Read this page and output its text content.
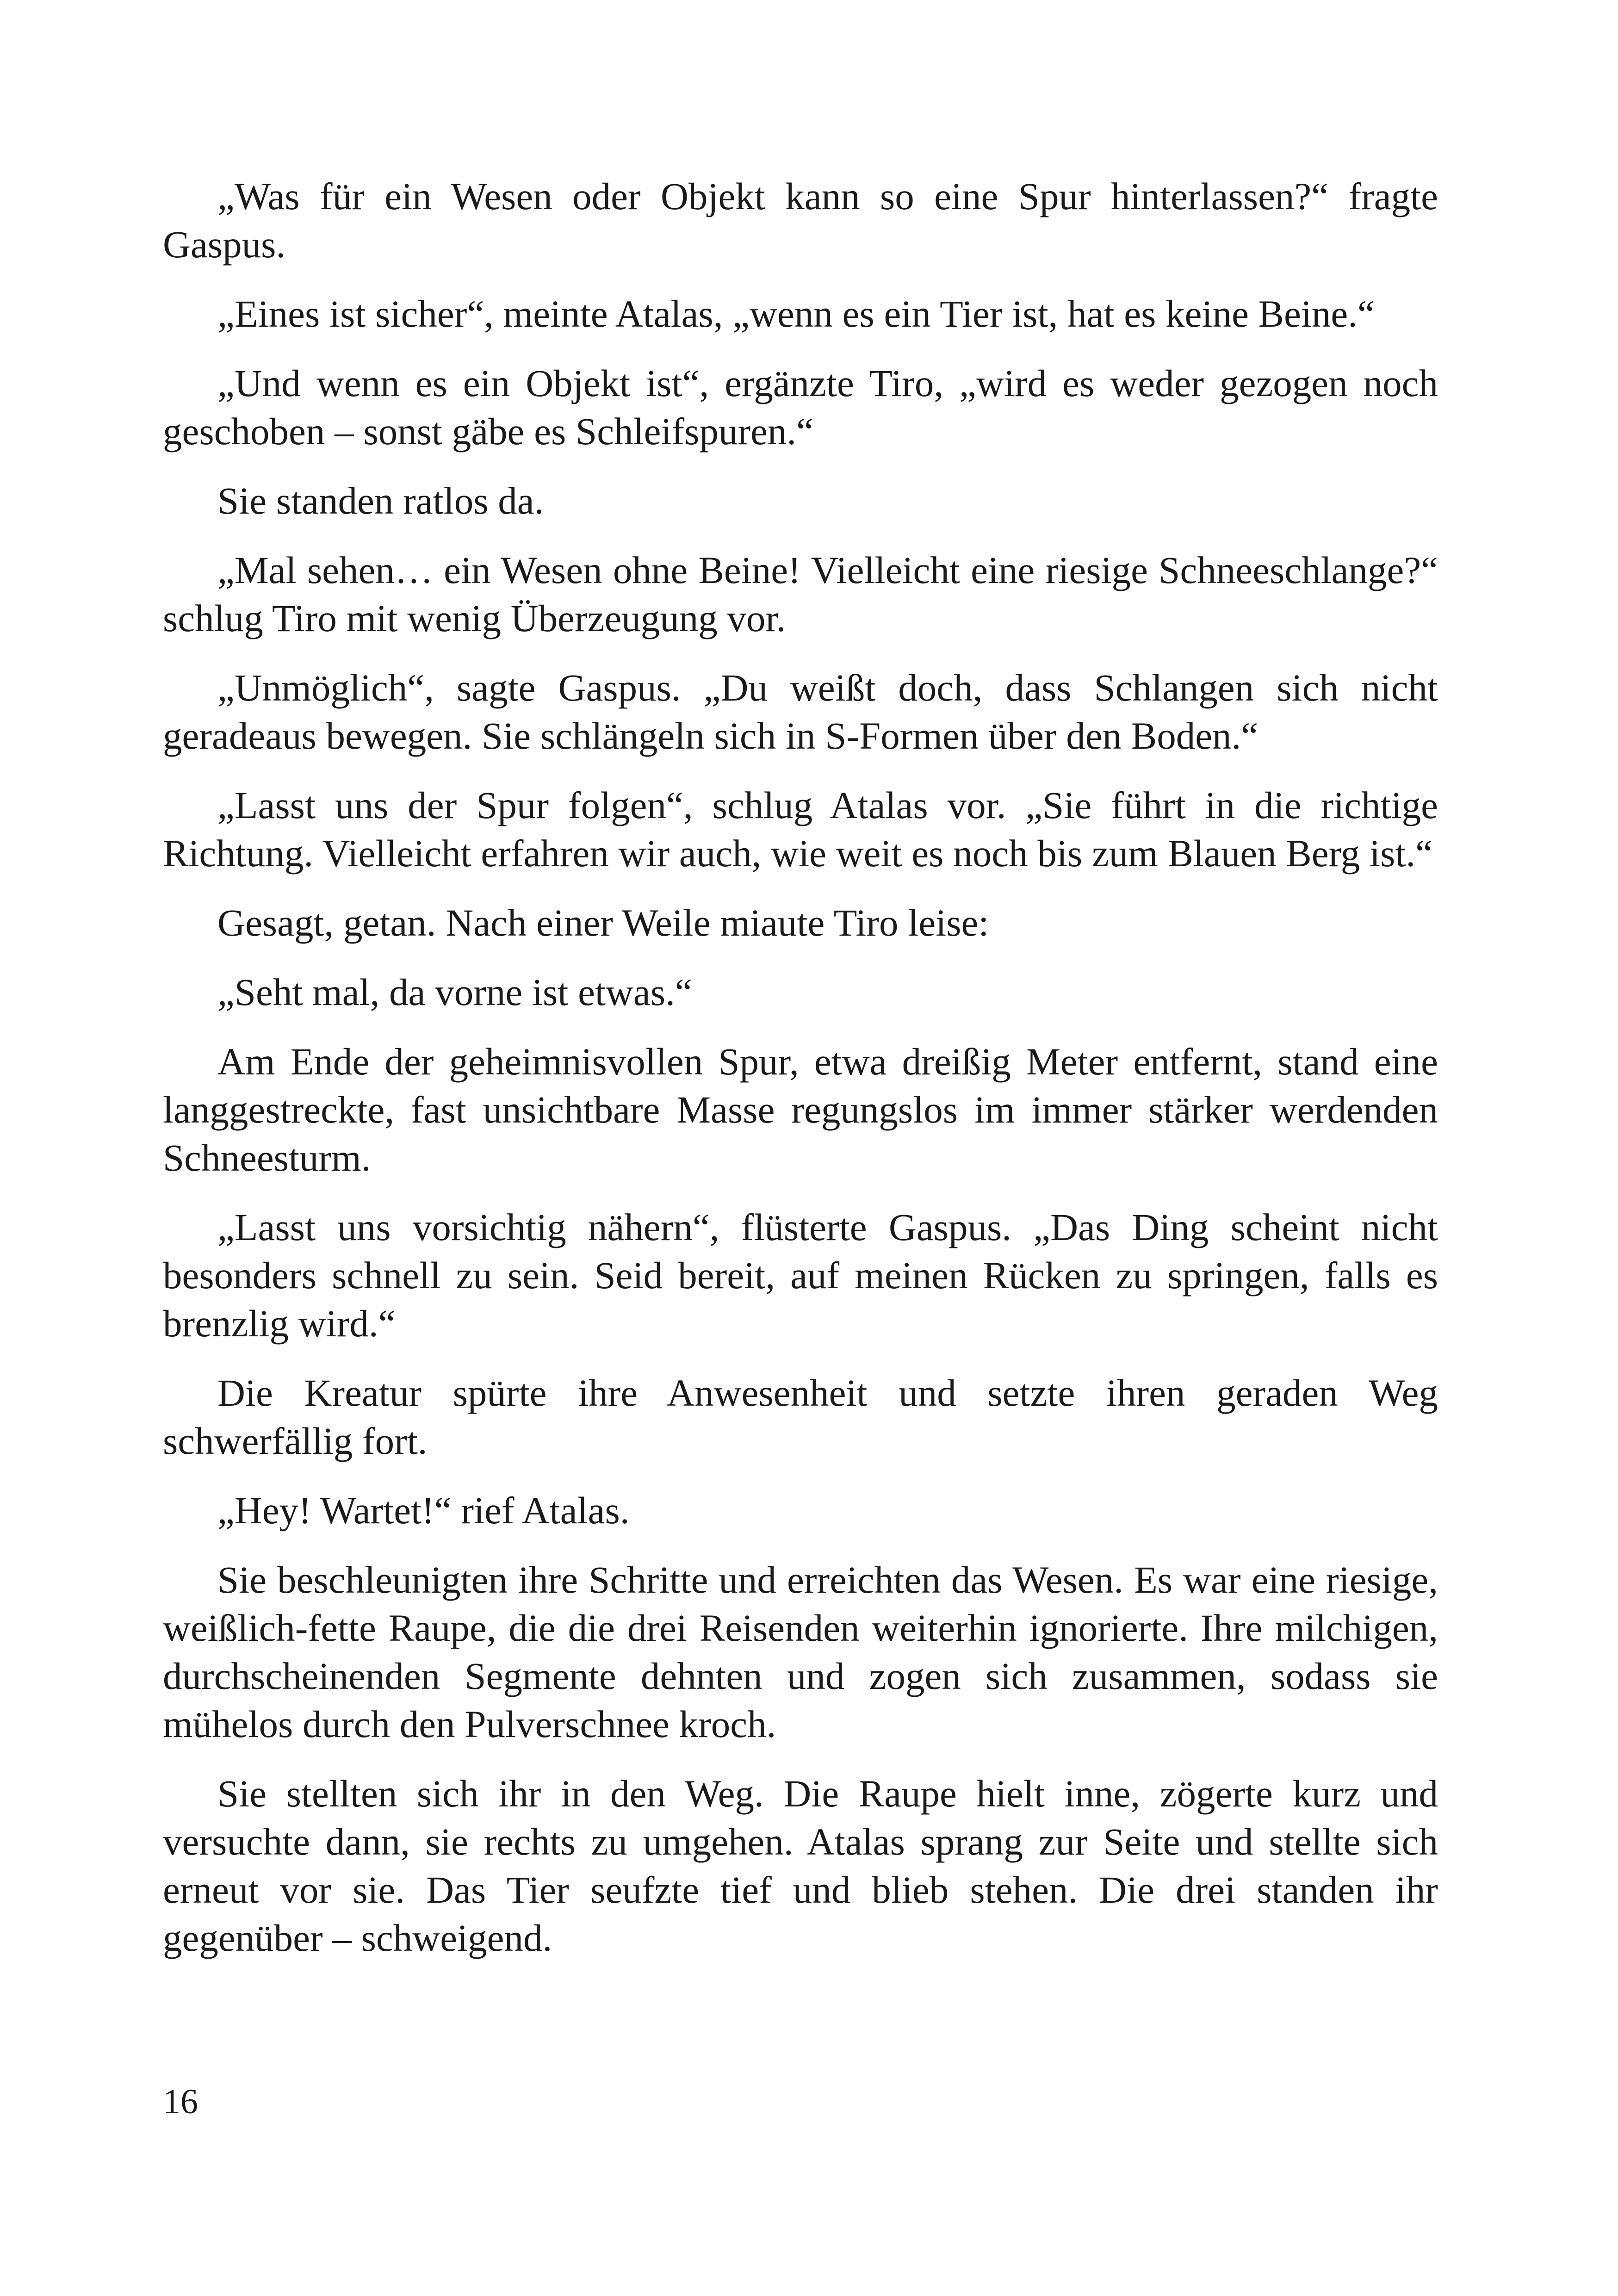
„Was für ein Wesen oder Objekt kann so eine Spur hinterlassen?“ fragte Gaspus.

„Eines ist sicher“, meinte Atalas, „wenn es ein Tier ist, hat es keine Beine.“

„Und wenn es ein Objekt ist“, ergänzte Tiro, „wird es weder gezogen noch geschoben – sonst gäbe es Schleifspuren.“

Sie standen ratlos da.

„Mal sehen… ein Wesen ohne Beine! Vielleicht eine riesige Schneeschlange?“ schlug Tiro mit wenig Überzeugung vor.

„Unmöglich“, sagte Gaspus. „Du weißt doch, dass Schlangen sich nicht geradeaus bewegen. Sie schlängeln sich in S-Formen über den Boden.“

„Lasst uns der Spur folgen“, schlug Atalas vor. „Sie führt in die richtige Richtung. Vielleicht erfahren wir auch, wie weit es noch bis zum Blauen Berg ist.“

Gesagt, getan. Nach einer Weile miaute Tiro leise:

„Seht mal, da vorne ist etwas.“

Am Ende der geheimnisvollen Spur, etwa dreißig Meter entfernt, stand eine langgestreckte, fast unsichtbare Masse regungslos im immer stärker werdenden Schneesturm.

„Lasst uns vorsichtig nähern“, flüsterte Gaspus. „Das Ding scheint nicht besonders schnell zu sein. Seid bereit, auf meinen Rücken zu springen, falls es brenzlig wird.“

Die Kreatur spürte ihre Anwesenheit und setzte ihren geraden Weg schwerfällig fort.

„Hey! Wartet!“ rief Atalas.

Sie beschleunigten ihre Schritte und erreichten das Wesen. Es war eine riesige, weißlich-fette Raupe, die die drei Reisenden weiterhin ignorierte. Ihre milchigen, durchscheinenden Segmente dehnten und zogen sich zusammen, sodass sie mühelos durch den Pulverschnee kroch.

Sie stellten sich ihr in den Weg. Die Raupe hielt inne, zögerte kurz und versuchte dann, sie rechts zu umgehen. Atalas sprang zur Seite und stellte sich erneut vor sie. Das Tier seufzte tief und blieb stehen. Die drei standen ihr gegenüber – schweigend.

16
